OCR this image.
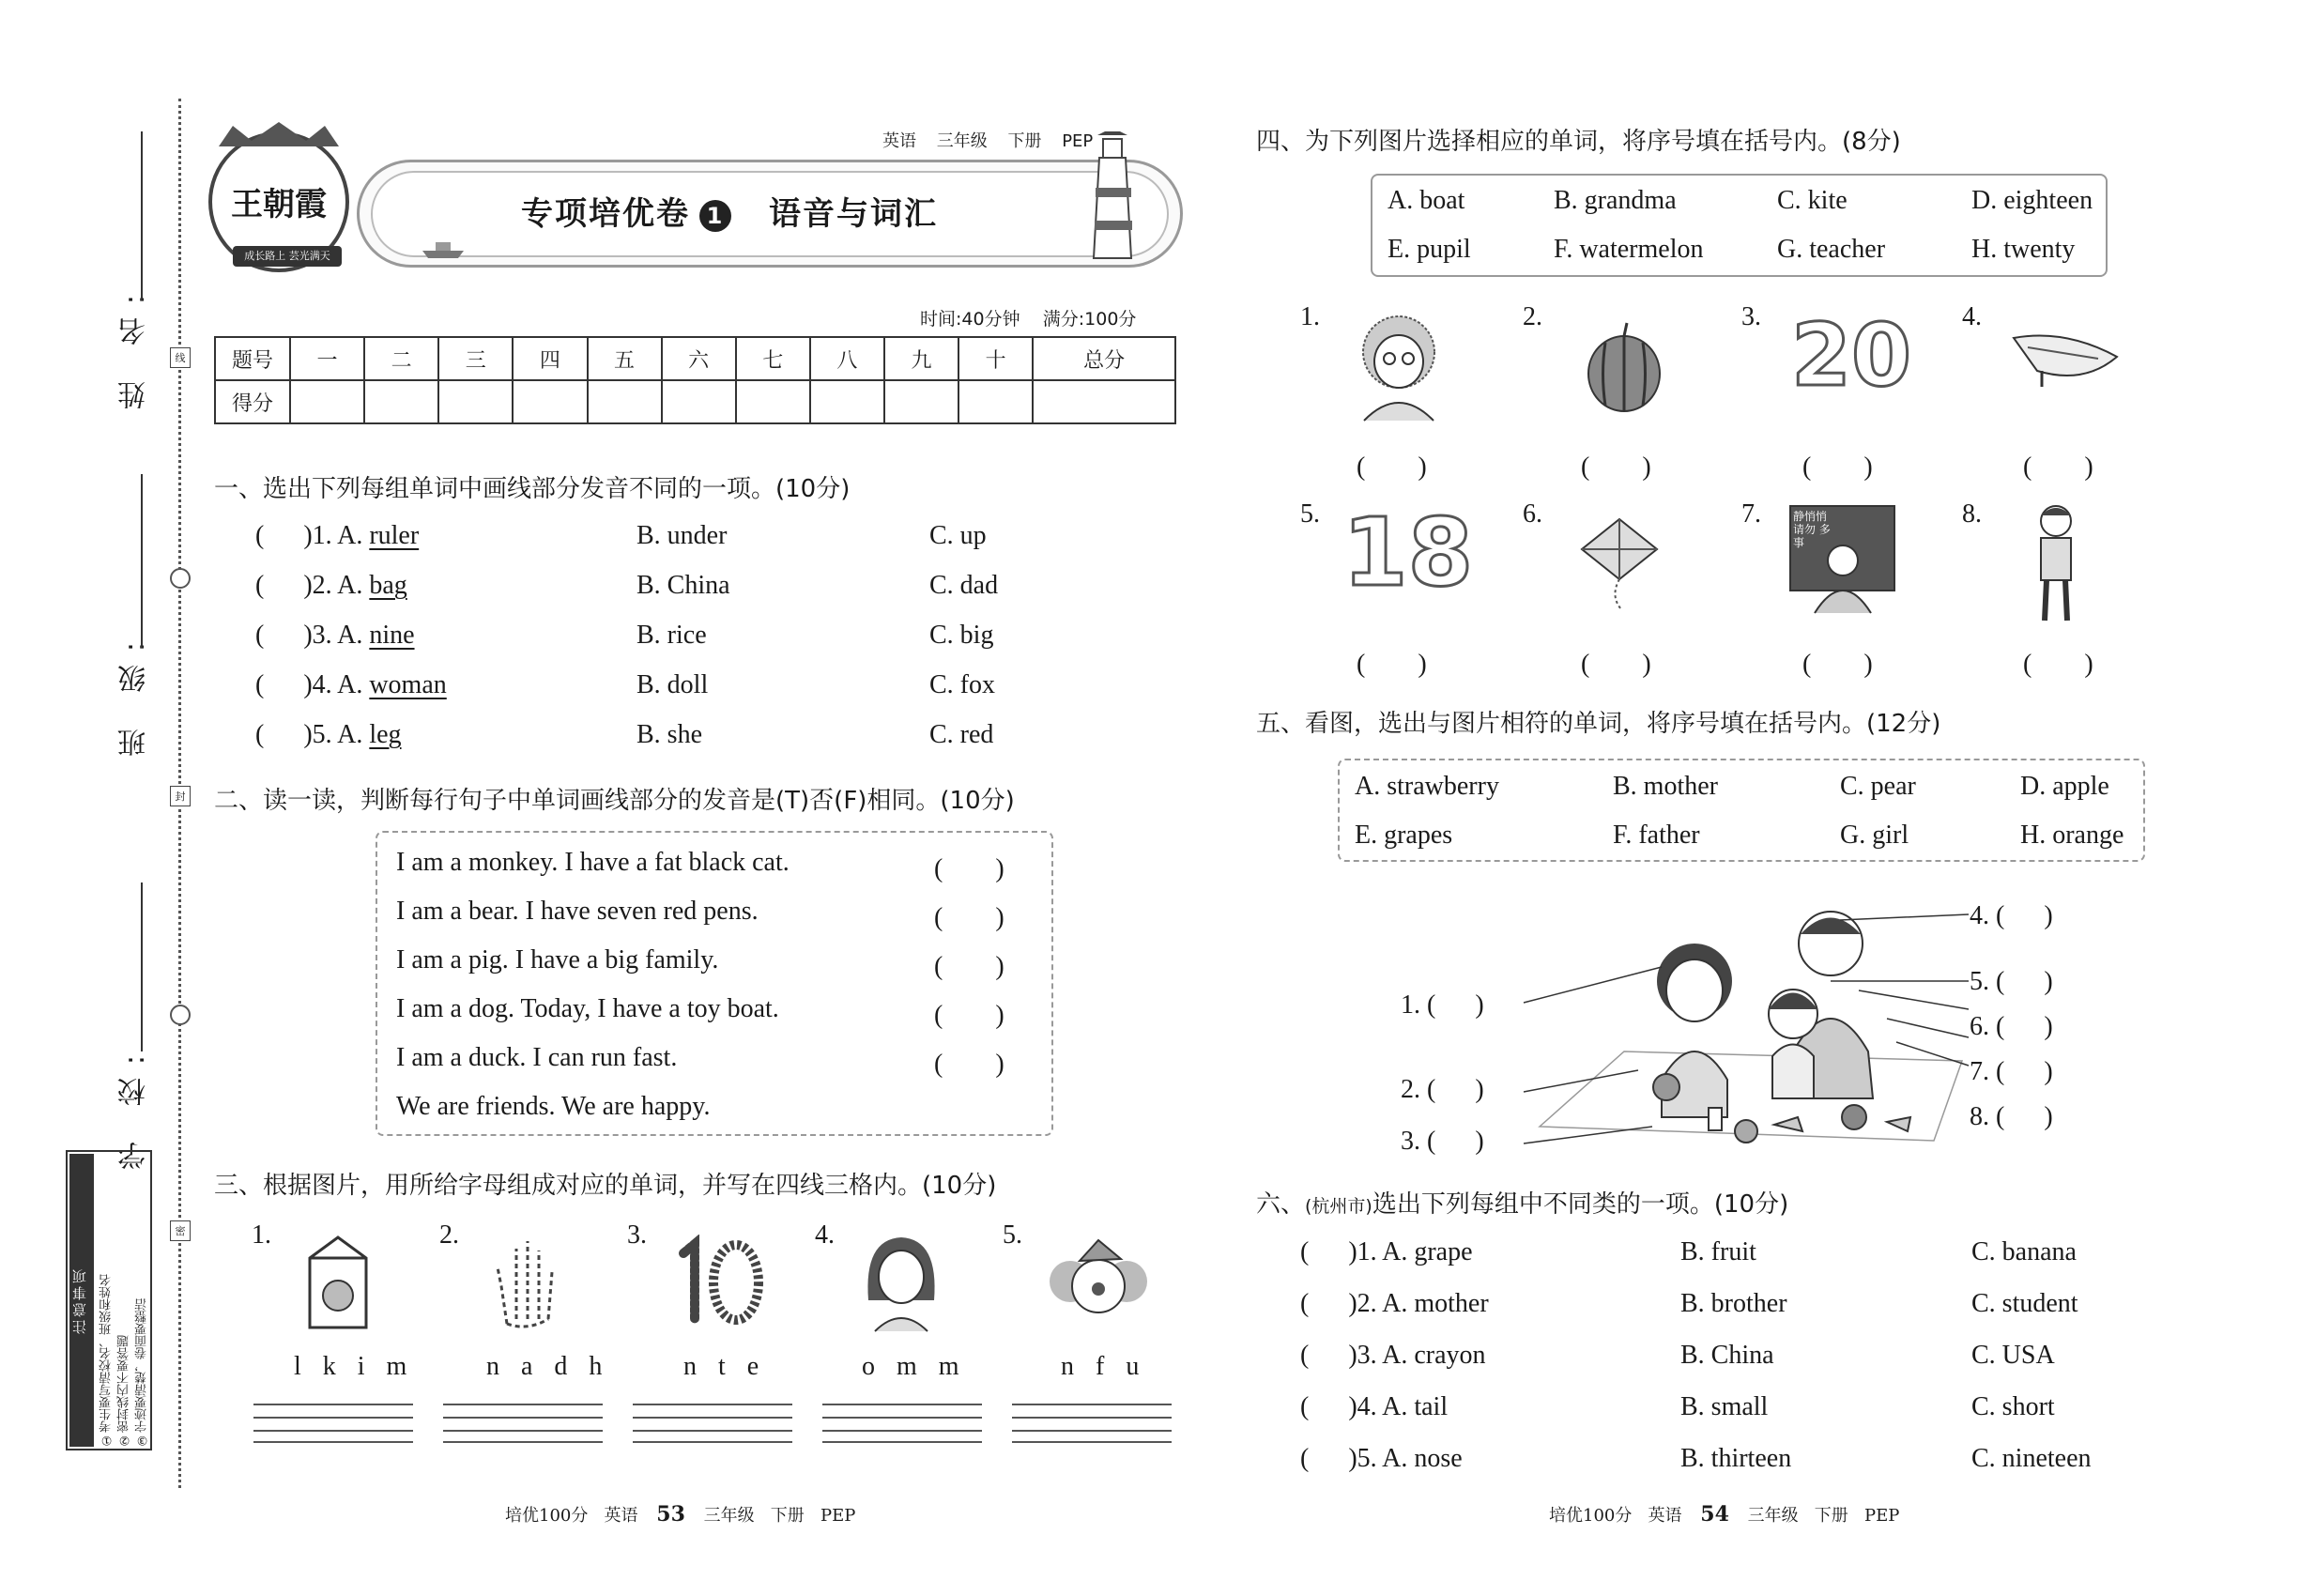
姓 名:
班 级:
学 校:
线
封
密
注意事项 ①考生要写清校名、班级和姓名 ②密封线内不要答题 ③字迹要清楚，卷面要整洁
王朝霞
成长路上 芸光满天
英语 三年级 下册 PEP
专项培优卷 1 语音与词汇
时间:40分钟 满分:100分
题号	一	二	三	四	五	六	七	八	九	十	总分
得分											
一、选出下列每组单词中画线部分发音不同的一项。(10分)
(      )1. A. ruler	B. under	C. up
(      )2. A. bag	B. China	C. dad
(      )3. A. nine	B. rice	C. big
(      )4. A. woman	B. doll	C. fox
(      )5. A. leg	B. she	C. red
二、读一读，判断每行句子中单词画线部分的发音是(T)否(F)相同。(10分)
I am a monkey. I have a fat black cat.	(　　)
I am a bear. I have seven red pens.	(　　)
I am a pig. I have a big family.	(　　)
I am a dog. Today, I have a toy boat.	(　　)
I am a duck. I can run fast.	(　　)
We are friends. We are happy.
三、根据图片，用所给字母组成对应的单词，并写在四线三格内。(10分)
1.
l k i m
2.
n a d h
3.
n t e
4.
o m m
5.
n f u
培优100分 英语 53 三年级 下册 PEP
四、为下列图片选择相应的单词，将序号填在括号内。(8分)
A. boat	B. grandma	C. kite	D. eighteen
E. pupil	F. watermelon	G. teacher	H. twenty
1.
(　　)
2.
(　　)
3. 20
(　　)
4.
(　　)
5. 18
(　　)
6.
(　　)
7.	静悄悄 请勿 多事
(　　)
8.
(　　)
五、看图，选出与图片相符的单词，将序号填在括号内。(12分)
A. strawberry	B. mother	C. pear	D. apple
E. grapes	F. father	G. girl	H. orange
1. (      )
2. (      )
3. (      )
4. (      )
5. (      )
6. (      )
7. (      )
8. (      )
六、(杭州市)选出下列每组中不同类的一项。(10分)
(      )1. A. grape	B. fruit	C. banana
(      )2. A. mother	B. brother	C. student
(      )3. A. crayon	B. China	C. USA
(      )4. A. tail	B. small	C. short
(      )5. A. nose	B. thirteen	C. nineteen
培优100分 英语 54 三年级 下册 PEP
